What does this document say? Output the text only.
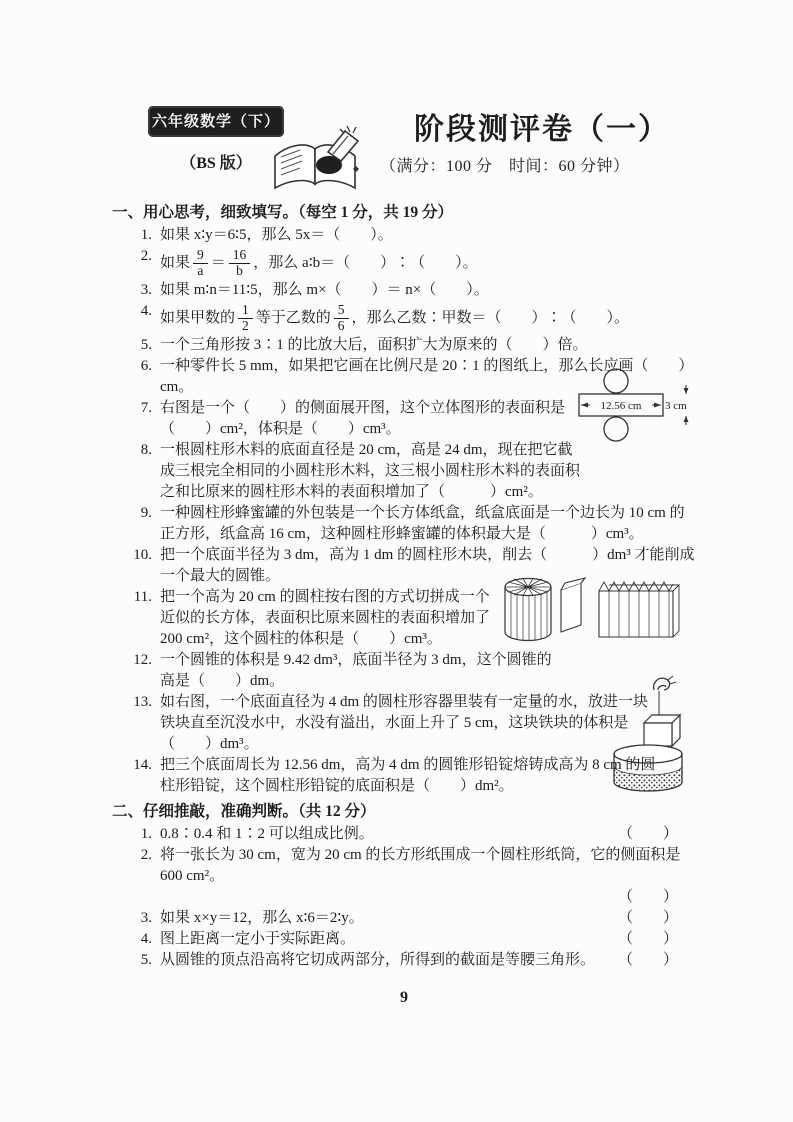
六年级数学（下）
（BS 版）
阶段测评卷（一）
（满分：100 分　时间：60 分钟）
12.56 cm 3 cm
一、用心思考，细致填写。（每空 1 分，共 19 分）
1. 如果 x∶y＝6∶5，那么 5x＝（　　）。
2. 如果 $\frac{9}{a} = \frac{16}{b}$ ，那么 a∶b＝（　　）∶（　　）。
3. 如果 m∶n＝11∶5，那么 m×（　　）＝ n×（　　）。
4. 如果甲数的 $\frac{1}{2}$ 等于乙数的 $\frac{5}{6}$ ，那么乙数∶甲数＝（　　）∶（　　）。
5. 一个三角形按 3∶1 的比放大后，面积扩大为原来的（　　）倍。
6. 一种零件长 5 mm，如果把它画在比例尺是 20∶1 的图纸上，那么长应画（　　）cm。
7. 右图是一个（　　）的侧面展开图，这个立体图形的表面积是（　　）cm²，体积是（　　）cm³。
8. 一根圆柱形木料的底面直径是 20 cm，高是 24 dm，现在把它截成三根完全相同的小圆柱形木料，这三根小圆柱形木料的表面积之和比原来的圆柱形木料的表面积增加了（　　　）cm²。
9. 一种圆柱形蜂蜜罐的外包装是一个长方体纸盒，纸盒底面是一个边长为 10 cm 的正方形，纸盒高 16 cm，这种圆柱形蜂蜜罐的体积最大是（　　　）cm³。
10. 把一个底面半径为 3 dm，高为 1 dm 的圆柱形木块，削去（　　　）dm³ 才能削成一个最大的圆锥。
11. 把一个高为 20 cm 的圆柱按右图的方式切拼成一个近似的长方体，表面积比原来圆柱的表面积增加了 200 cm²，这个圆柱的体积是（　　）cm³。
12. 一个圆锥的体积是 9.42 dm³，底面半径为 3 dm，这个圆锥的高是（　　）dm。
13. 如右图，一个底面直径为 4 dm 的圆柱形容器里装有一定量的水，放进一块铁块直至沉没水中，水没有溢出，水面上升了 5 cm，这块铁块的体积是（　　）dm³。
14. 把三个底面周长为 12.56 dm，高为 4 dm 的圆锥形铅锭熔铸成高为 8 cm 的圆柱形铅锭，这个圆柱形铅锭的底面积是（　　）dm²。
二、仔细推敲，准确判断。（共 12 分）
1. 0.8∶0.4 和 1∶2 可以组成比例。	（　　）
2. 将一张长为 30 cm，宽为 20 cm 的长方形纸围成一个圆柱形纸筒，它的侧面积是 600 cm²。
（　　）
3. 如果 x×y＝12，那么 x∶6＝2∶y。	（　　）
4. 图上距离一定小于实际距离。	（　　）
5. 从圆锥的顶点沿高将它切成两部分，所得到的截面是等腰三角形。 （　　）
9
